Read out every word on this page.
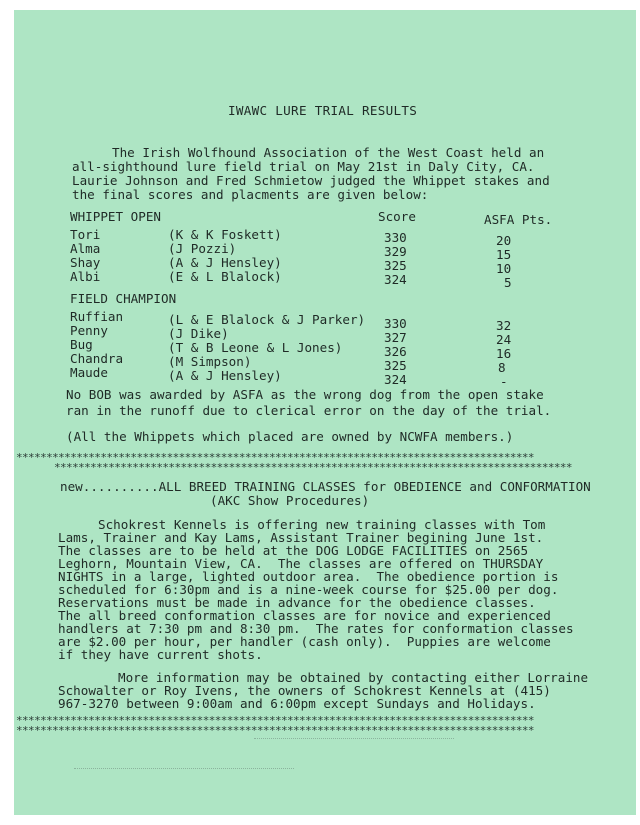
IWAWC LURE TRIAL RESULTS
The Irish Wolfhound Association of the West Coast held an
all-sighthound lure field trial on May 21st in Daly City, CA.
Laurie Johnson and Fred Schmietow judged the Whippet stakes and
the final scores and placments are given below:
WHIPPET OPEN	Score	ASFA Pts.
Tori	(K & K Foskett)	330	20
Alma	(J Pozzi)	329	15
Shay	(A & J Hensley)	325	10
Albi	(E & L Blalock)	324	5
FIELD CHAMPION
Ruffian	(L & E Blalock & J Parker) 330	32
Penny	(J Dike)	327	24
Bug	(T & B Leone & L Jones)	326	16
Chandra	(M Simpson)	325	8
Maude	(A & J Hensley)	324	-
No BOB was awarded by ASFA as the wrong dog from the open stake
ran in the runoff due to clerical error on the day of the trial.
(All the Whippets which placed are owned by NCWFA members.)
**************************************************************************************
**************************************************************************************
new..........ALL BREED TRAINING CLASSES for OBEDIENCE and CONFORMATION
(AKC Show Procedures)
Schokrest Kennels is offering new training classes with Tom
Lams, Trainer and Kay Lams, Assistant Trainer begining June 1st.
The classes are to be held at the DOG LODGE FACILITIES on 2565
Leghorn, Mountain View, CA.  The classes are offered on THURSDAY
NIGHTS in a large, lighted outdoor area.  The obedience portion is
scheduled for 6:30pm and is a nine-week course for $25.00 per dog.
Reservations must be made in advance for the obedience classes.
The all breed conformation classes are for novice and experienced
handlers at 7:30 pm and 8:30 pm.  The rates for conformation classes
are $2.00 per hour, per handler (cash only).  Puppies are welcome
if they have current shots.
More information may be obtained by contacting either Lorraine
Schowalter or Roy Ivens, the owners of Schokrest Kennels at (415)
967-3270 between 9:00am and 6:00pm except Sundays and Holidays.
**************************************************************************************
**************************************************************************************
